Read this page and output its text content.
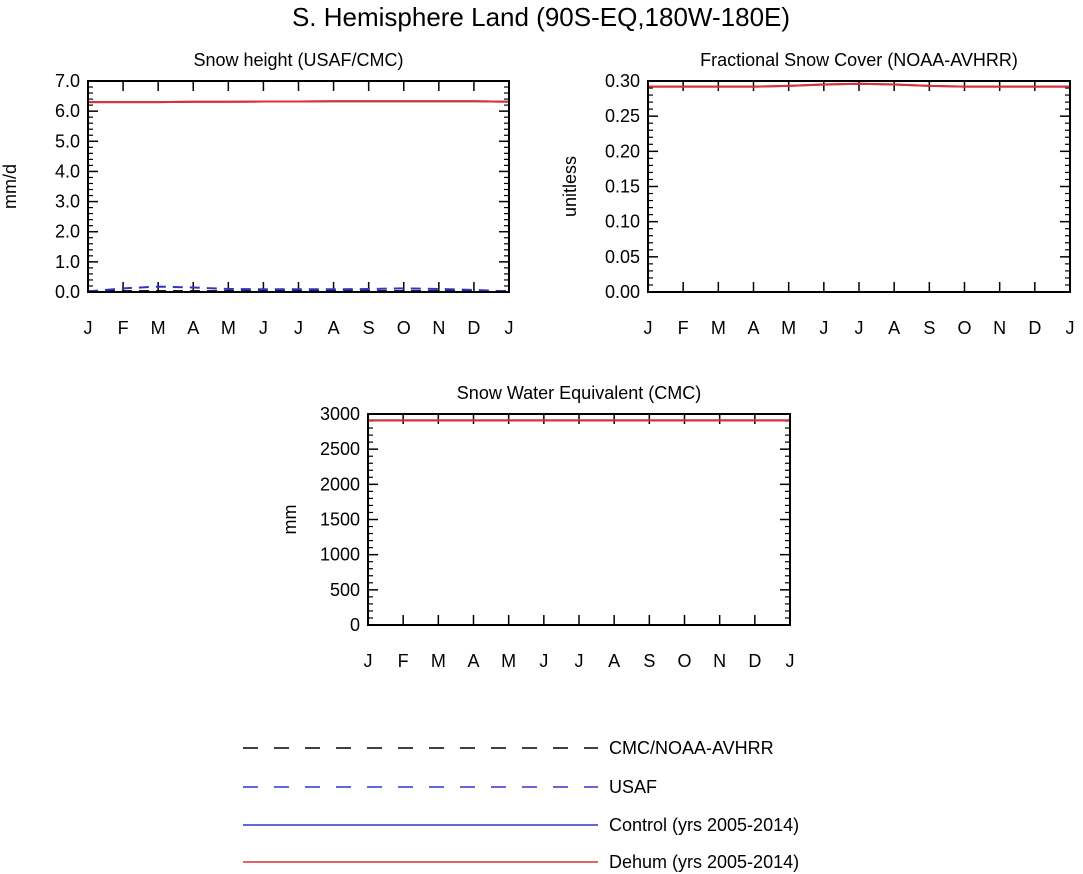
S. Hemisphere Land (90S-EQ,180W-180E)
Snow height (USAF/CMC)
mm/d
0.0
1.0
2.0
3.0
4.0
5.0
6.0
7.0
J F M A M J J A S O N D J
Fractional Snow Cover (NOAA-AVHRR)
unitless
0.00
0.05
0.10
0.15
0.20
0.25
0.30
J F M A M J J A S O N D J
Snow Water Equivalent (CMC)
mm
0
500
1000
1500
2000
2500
3000
J F M A M J J A S O N D J
CMC/NOAA-AVHRR
USAF
Control (yrs 2005-2014)
Dehum (yrs 2005-2014)
